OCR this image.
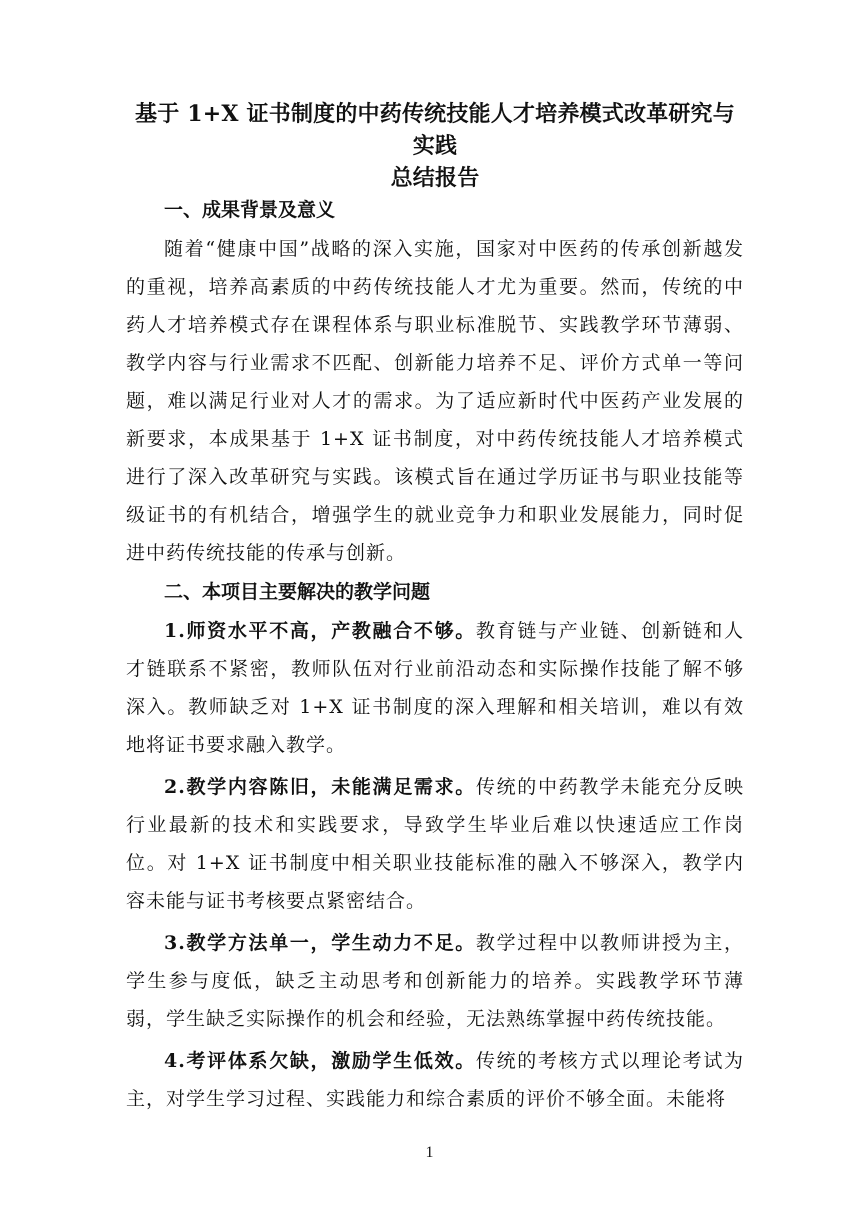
基于 1+X 证书制度的中药传统技能人才培养模式改革研究与实践
总结报告
一、成果背景及意义

随着“健康中国”战略的深入实施，国家对中医药的传承创新越发的重视，培养高素质的中药传统技能人才尤为重要。然而，传统的中药人才培养模式存在课程体系与职业标准脱节、实践教学环节薄弱、教学内容与行业需求不匹配、创新能力培养不足、评价方式单一等问题，难以满足行业对人才的需求。为了适应新时代中医药产业发展的新要求，本成果基于 1+X 证书制度，对中药传统技能人才培养模式进行了深入改革研究与实践。该模式旨在通过学历证书与职业技能等级证书的有机结合，增强学生的就业竞争力和职业发展能力，同时促进中药传统技能的传承与创新。

二、本项目主要解决的教学问题

1.师资水平不高，产教融合不够。教育链与产业链、创新链和人才链联系不紧密，教师队伍对行业前沿动态和实际操作技能了解不够深入。教师缺乏对 1+X 证书制度的深入理解和相关培训，难以有效地将证书要求融入教学。

2.教学内容陈旧，未能满足需求。传统的中药教学未能充分反映行业最新的技术和实践要求，导致学生毕业后难以快速适应工作岗位。对 1+X 证书制度中相关职业技能标准的融入不够深入，教学内容未能与证书考核要点紧密结合。

3.教学方法单一，学生动力不足。教学过程中以教师讲授为主，学生参与度低，缺乏主动思考和创新能力的培养。实践教学环节薄弱，学生缺乏实际操作的机会和经验，无法熟练掌握中药传统技能。

4.考评体系欠缺，激励学生低效。传统的考核方式以理论考试为主，对学生学习过程、实践能力和综合素质的评价不够全面。未能将

1
